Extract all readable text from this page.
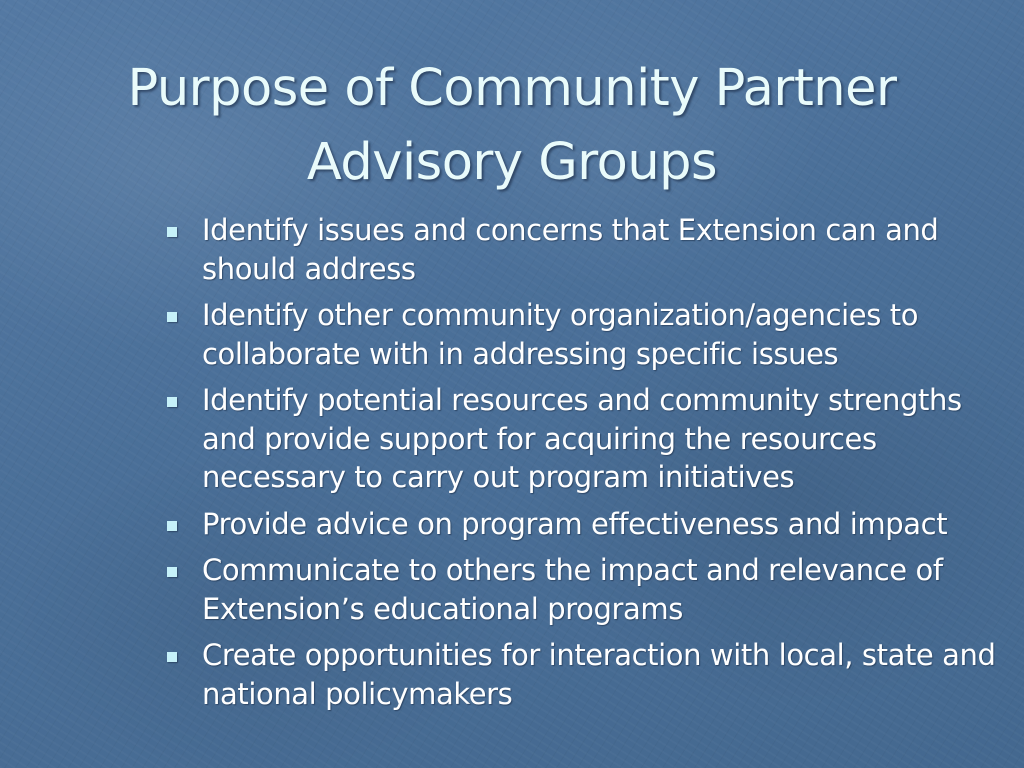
Purpose of Community Partner
Advisory Groups
Identify issues and concerns that Extension can and should address
Identify other community organization/agencies to collaborate with in addressing specific issues
Identify potential resources and community strengths and provide support for acquiring the resources necessary to carry out program initiatives
Provide advice on program effectiveness and impact
Communicate to others the impact and relevance of Extension’s educational programs
Create opportunities for interaction with local, state and national policymakers
